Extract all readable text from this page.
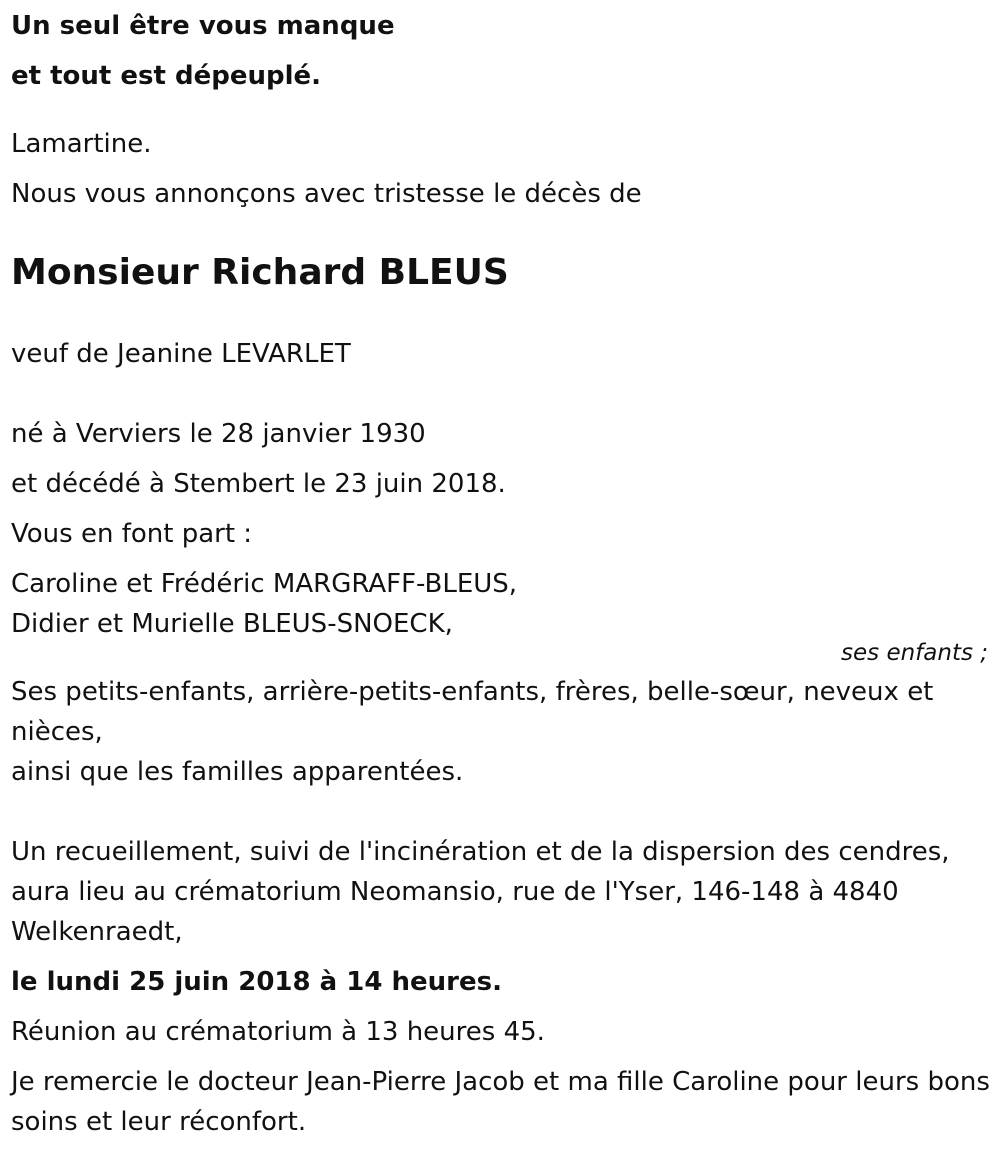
Un seul être vous manque

et tout est dépeuplé.

Lamartine.

Nous vous annonçons avec tristesse le décès de

Monsieur Richard BLEUS

veuf de Jeanine LEVARLET

né à Verviers le 28 janvier 1930

et décédé à Stembert le 23 juin 2018.

Vous en font part :

Caroline et Frédéric MARGRAFF-BLEUS,

Didier et Murielle BLEUS-SNOECK,

ses enfants ;

Ses petits-enfants, arrière-petits-enfants, frères, belle-sœur, neveux et nièces,

ainsi que les familles apparentées.

Un recueillement, suivi de l'incinération et de la dispersion des cendres, aura lieu au crématorium Neomansio, rue de l'Yser, 146-148 à 4840 Welkenraedt,

le lundi 25 juin 2018 à 14 heures.

Réunion au crématorium à 13 heures 45.

Je remercie le docteur Jean-Pierre Jacob et ma fille Caroline pour leurs bons soins et leur réconfort.
